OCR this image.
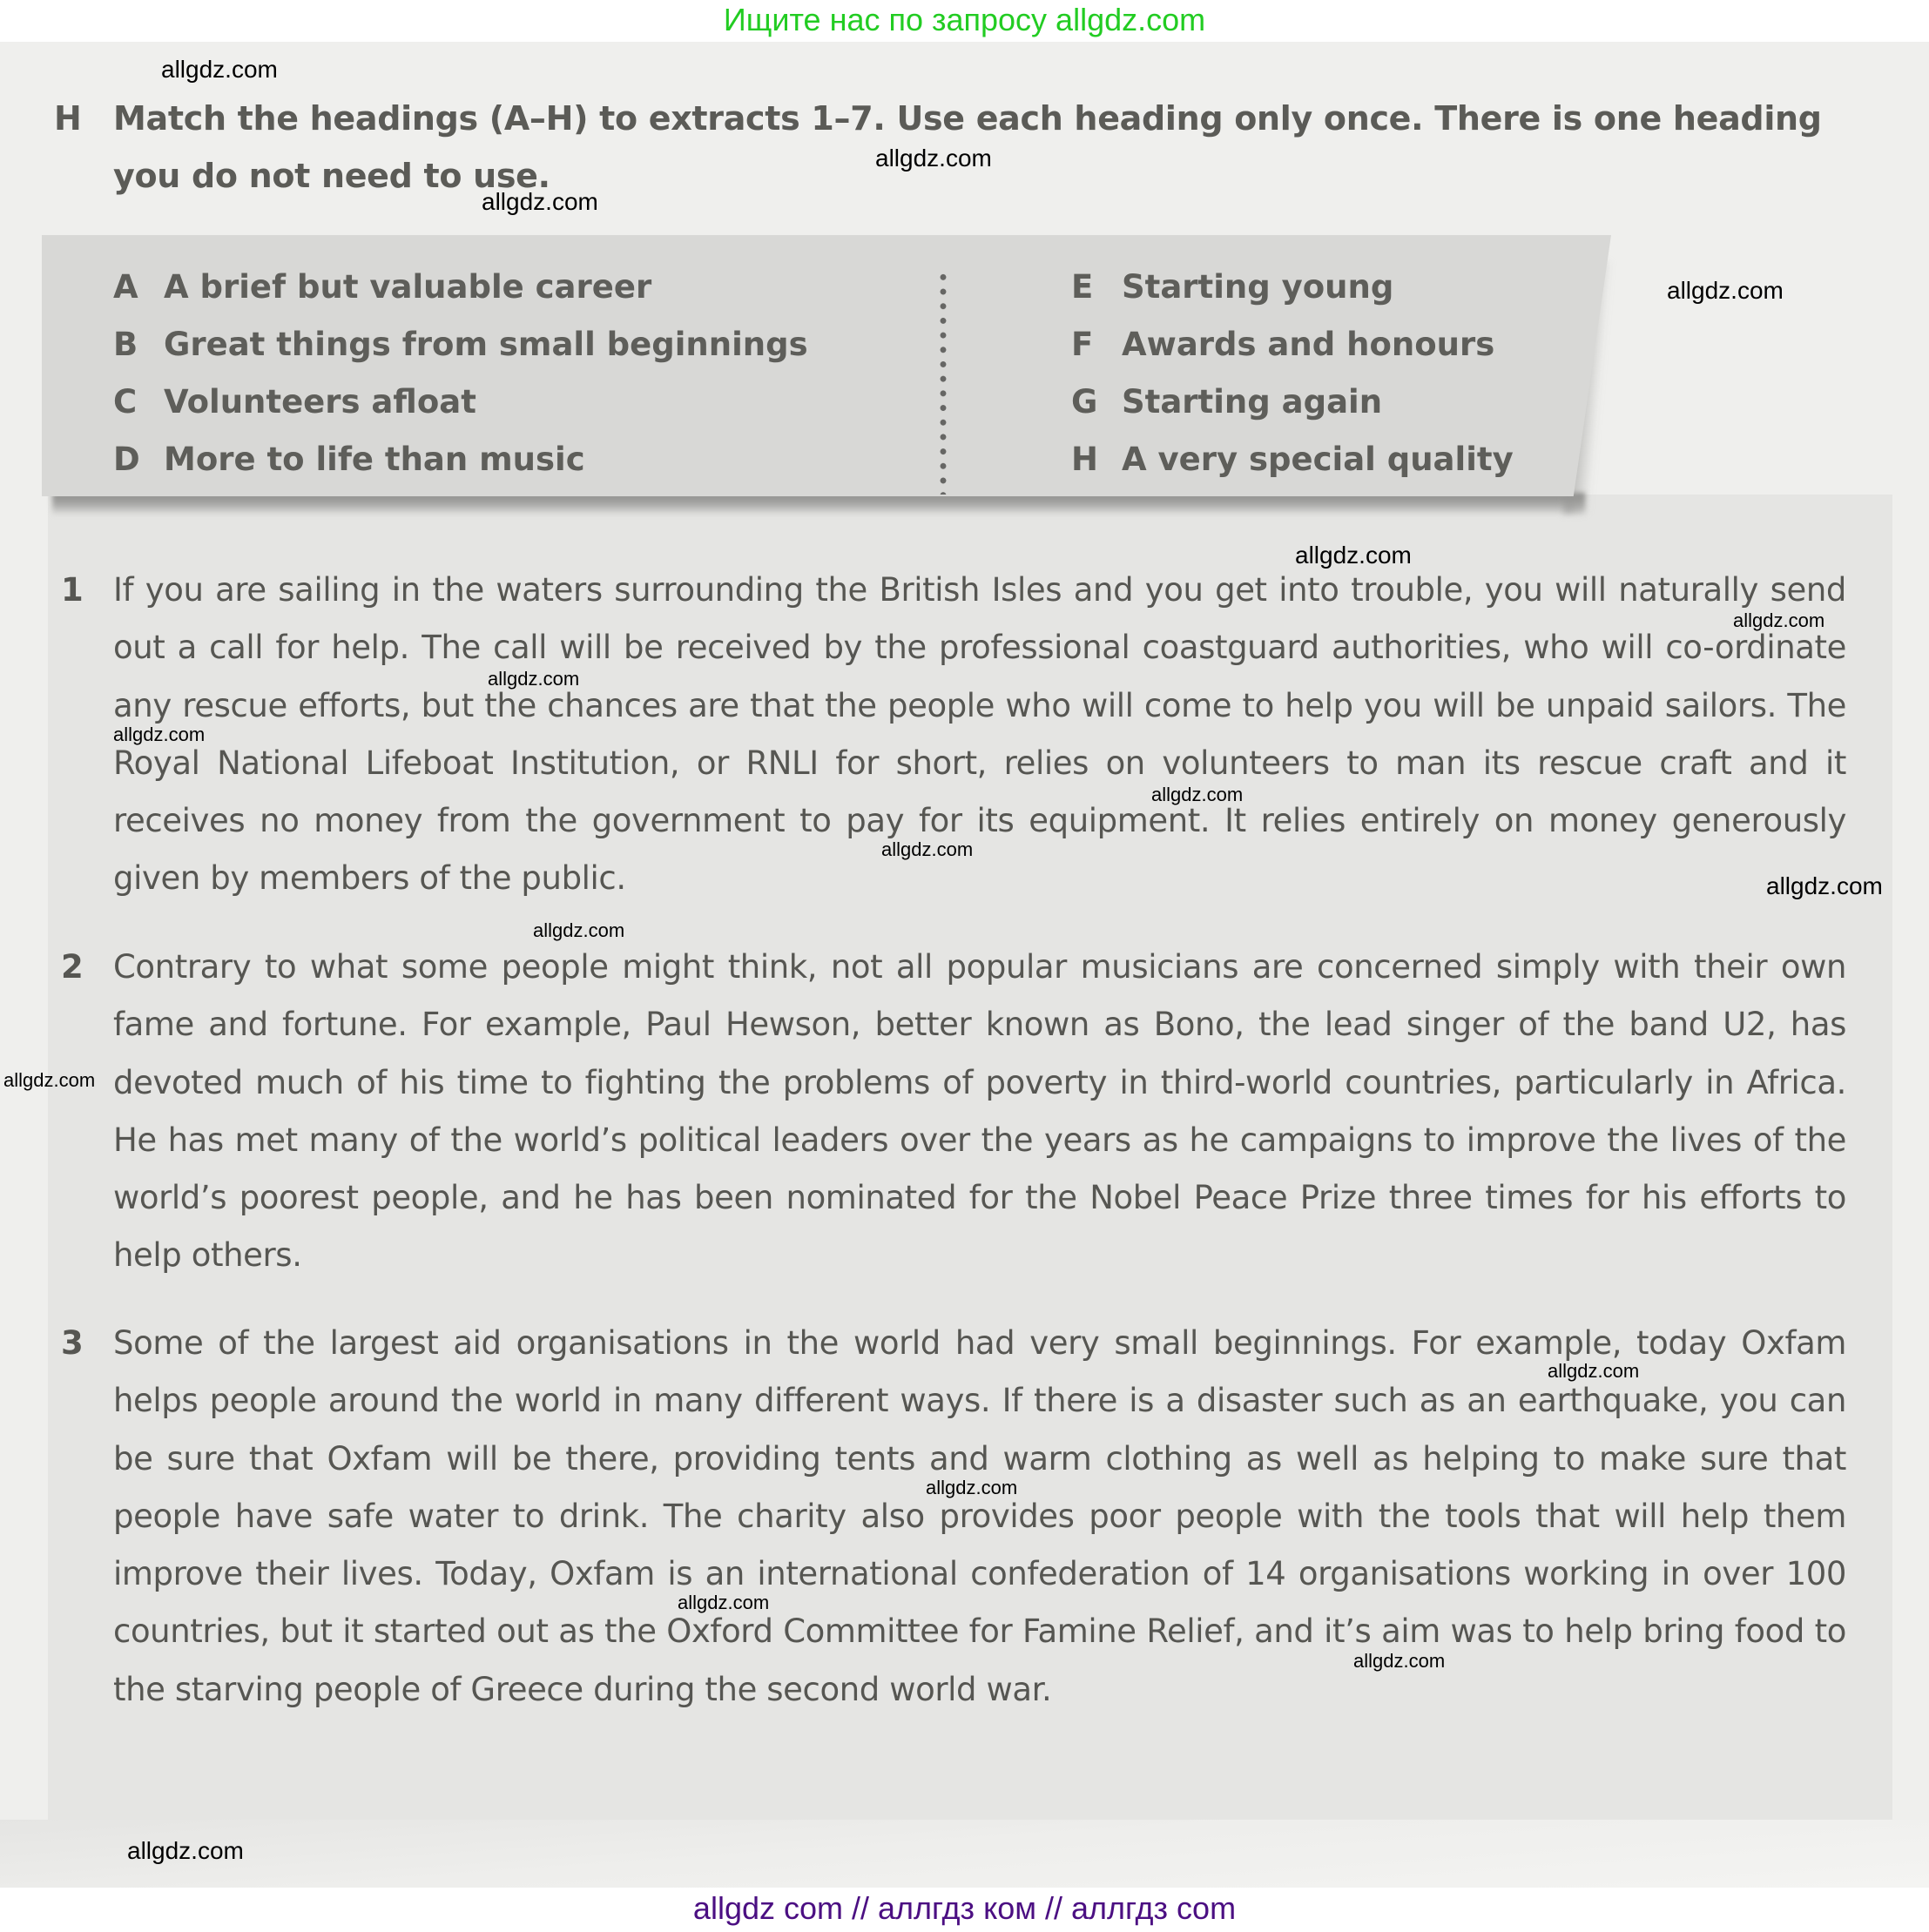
Ищите нас по запросу allgdz.com
H Match the headings (A–H) to extracts 1–7. Use each heading only once. There is one heading you do not need to use.
A A brief but valuable career
B Great things from small beginnings
C Volunteers afloat
D More to life than music
E Starting young
F Awards and honours
G Starting again
H A very special quality
1 If you are sailing in the waters surrounding the British Isles and you get into trouble, you will naturally send out a call for help. The call will be received by the professional coastguard authorities, who will co-ordinate any rescue efforts, but the chances are that the people who will come to help you will be unpaid sailors. The Royal National Lifeboat Institution, or RNLI for short, relies on volunteers to man its rescue craft and it receives no money from the government to pay for its equipment. It relies entirely on money generously given by members of the public.
2 Contrary to what some people might think, not all popular musicians are concerned simply with their own fame and fortune. For example, Paul Hewson, better known as Bono, the lead singer of the band U2, has devoted much of his time to fighting the problems of poverty in third-world countries, particularly in Africa. He has met many of the world’s political leaders over the years as he campaigns to improve the lives of the world’s poorest people, and he has been nominated for the Nobel Peace Prize three times for his efforts to help others.
3 Some of the largest aid organisations in the world had very small beginnings. For example, today Oxfam helps people around the world in many different ways. If there is a disaster such as an earthquake, you can be sure that Oxfam will be there, providing tents and warm clothing as well as helping to make sure that people have safe water to drink. The charity also provides poor people with the tools that will help them improve their lives. Today, Oxfam is an international confederation of 14 organisations working in over 100 countries, but it started out as the Oxford Committee for Famine Relief, and it’s aim was to help bring food to the starving people of Greece during the second world war.
allgdz.com
allgdz.com
allgdz.com
allgdz.com
allgdz.com
allgdz.com
allgdz.com
allgdz.com
allgdz.com
allgdz.com
allgdz.com
allgdz.com
allgdz.com
allgdz.com
allgdz.com
allgdz.com
allgdz.com
allgdz.com
allgdz com // аллгдз ком // аллгдз com
